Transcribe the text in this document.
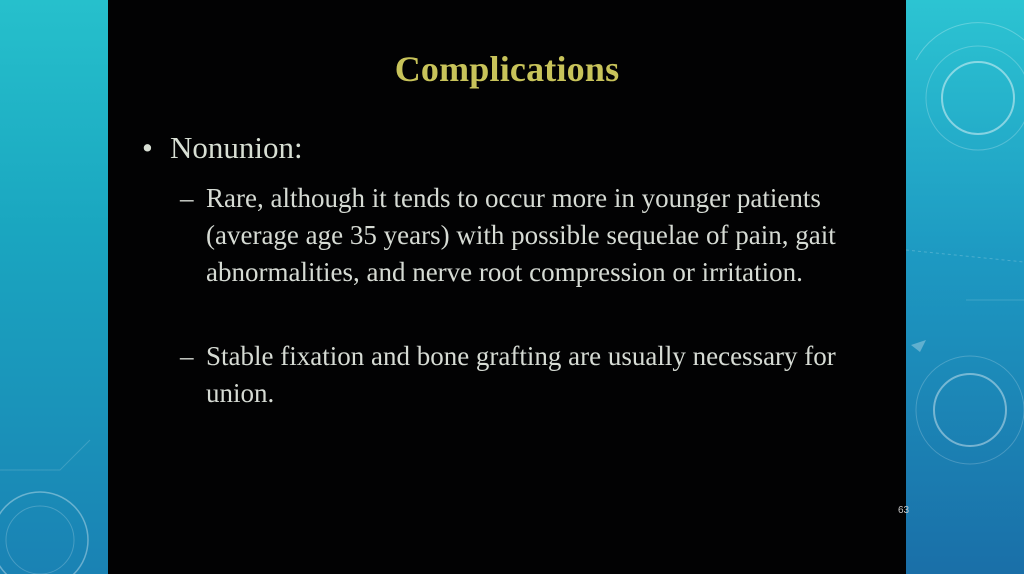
Complications
• Nonunion:
– Rare, although it tends to occur more in younger patients (average age 35 years) with possible sequelae of pain, gait abnormalities, and nerve root compression or irritation.
– Stable fixation and bone grafting are usually necessary for union.
63
